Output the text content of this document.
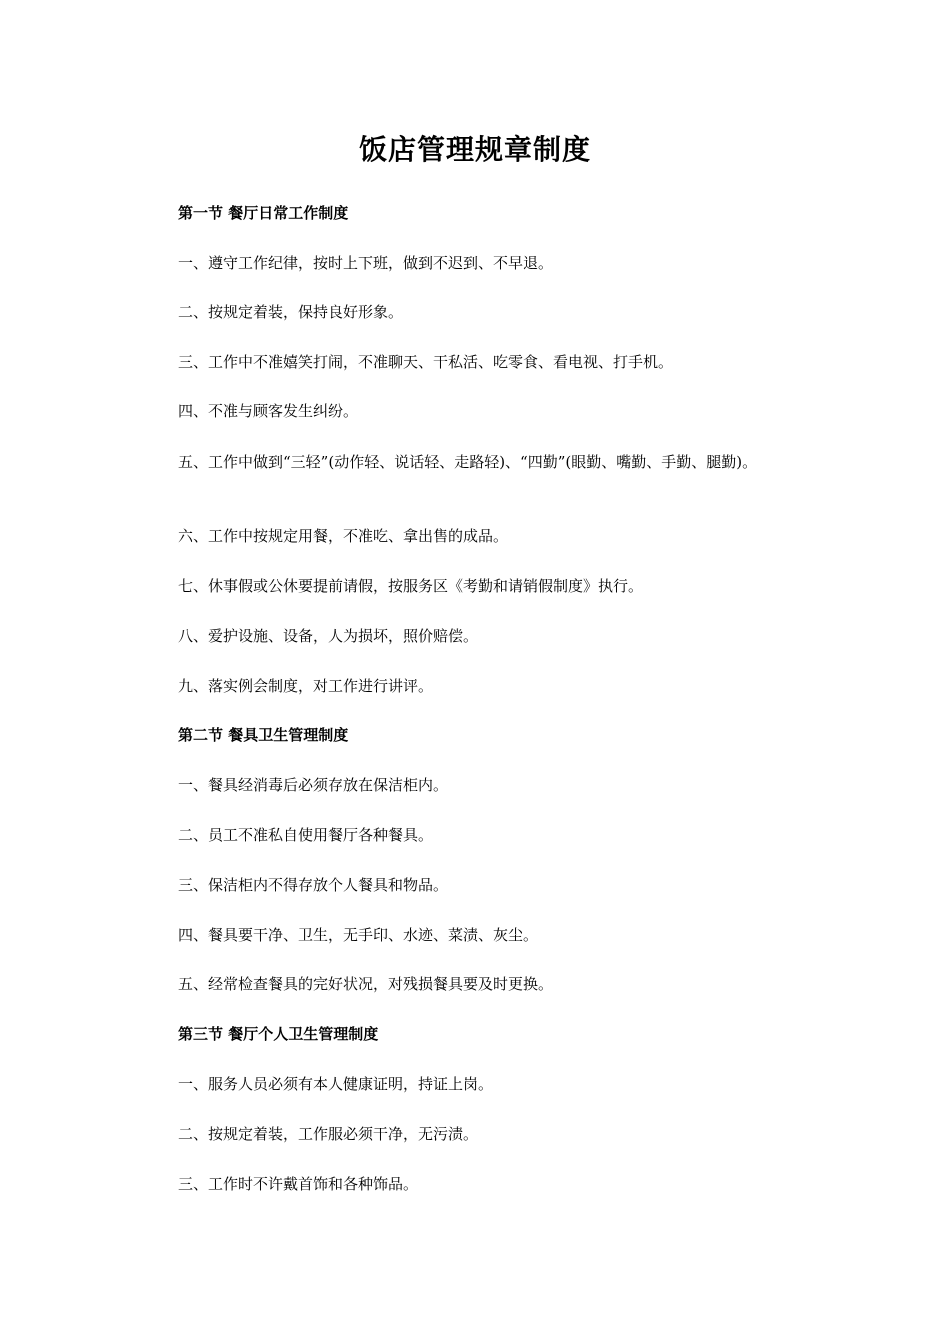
饭店管理规章制度

第一节 餐厅日常工作制度

一、遵守工作纪律，按时上下班，做到不迟到、不早退。

二、按规定着装，保持良好形象。

三、工作中不准嬉笑打闹，不准聊天、干私活、吃零食、看电视、打手机。

四、不准与顾客发生纠纷。

五、工作中做到“三轻”(动作轻、说话轻、走路轻)、“四勤”(眼勤、嘴勤、手勤、腿勤)。

六、工作中按规定用餐，不准吃、拿出售的成品。

七、休事假或公休要提前请假，按服务区《考勤和请销假制度》执行。

八、爱护设施、设备，人为损坏，照价赔偿。

九、落实例会制度，对工作进行讲评。

第二节 餐具卫生管理制度

一、餐具经消毒后必须存放在保洁柜内。

二、员工不准私自使用餐厅各种餐具。

三、保洁柜内不得存放个人餐具和物品。

四、餐具要干净、卫生，无手印、水迹、菜渍、灰尘。

五、经常检查餐具的完好状况，对残损餐具要及时更换。

第三节 餐厅个人卫生管理制度

一、服务人员必须有本人健康证明，持证上岗。

二、按规定着装，工作服必须干净，无污渍。

三、工作时不许戴首饰和各种饰品。
